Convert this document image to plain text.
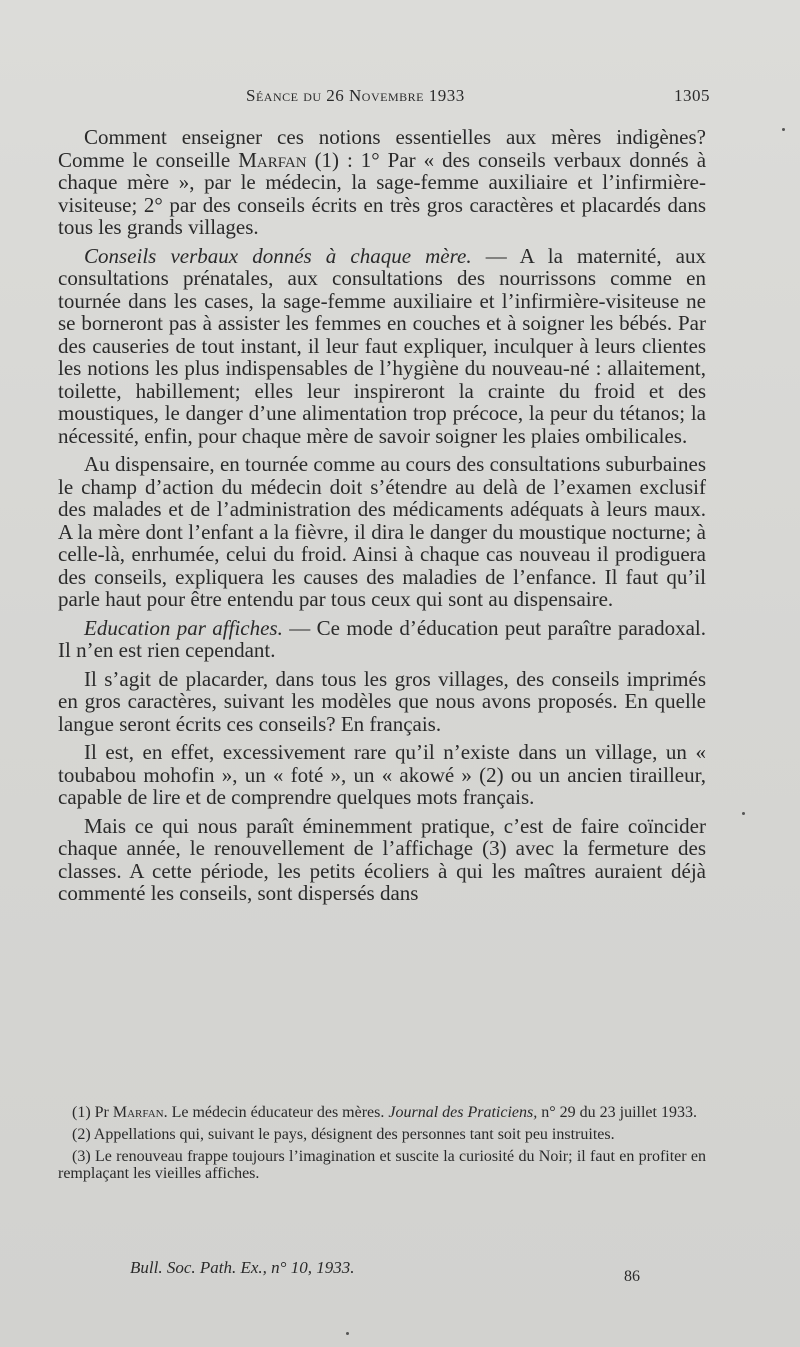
Séance du 26 Novembre 1933	1305

Comment enseigner ces notions essentielles aux mères indigènes? Comme le conseille Marfan (1) : 1° Par « des conseils verbaux donnés à chaque mère », par le médecin, la sage-femme auxiliaire et l’infirmière-visiteuse; 2° par des conseils écrits en très gros caractères et placardés dans tous les grands villages.

Conseils verbaux donnés à chaque mère. — A la maternité, aux consultations prénatales, aux consultations des nourrissons comme en tournée dans les cases, la sage-femme auxiliaire et l’infirmière-visiteuse ne se borneront pas à assister les femmes en couches et à soigner les bébés. Par des causeries de tout instant, il leur faut expliquer, inculquer à leurs clientes les notions les plus indispensables de l’hygiène du nouveau-né : allaitement, toilette, habillement; elles leur inspireront la crainte du froid et des moustiques, le danger d’une alimentation trop précoce, la peur du tétanos; la nécessité, enfin, pour chaque mère de savoir soigner les plaies ombilicales.

Au dispensaire, en tournée comme au cours des consultations suburbaines le champ d’action du médecin doit s’étendre au delà de l’examen exclusif des malades et de l’administration des médicaments adéquats à leurs maux. A la mère dont l’enfant a la fièvre, il dira le danger du moustique nocturne; à celle-là, enrhumée, celui du froid. Ainsi à chaque cas nouveau il prodiguera des conseils, expliquera les causes des maladies de l’enfance. Il faut qu’il parle haut pour être entendu par tous ceux qui sont au dispensaire.

Education par affiches. — Ce mode d’éducation peut paraître paradoxal. Il n’en est rien cependant.

Il s’agit de placarder, dans tous les gros villages, des conseils imprimés en gros caractères, suivant les modèles que nous avons proposés. En quelle langue seront écrits ces conseils? En français.

Il est, en effet, excessivement rare qu’il n’existe dans un village, un « toubabou mohofin », un « foté », un « akowé » (2) ou un ancien tirailleur, capable de lire et de comprendre quelques mots français.

Mais ce qui nous paraît éminemment pratique, c’est de faire coïncider chaque année, le renouvellement de l’affichage (3) avec la fermeture des classes. A cette période, les petits écoliers à qui les maîtres auraient déjà commenté les conseils, sont dispersés dans

(1) Pr Marfan. Le médecin éducateur des mères. Journal des Praticiens, n° 29 du 23 juillet 1933.

(2) Appellations qui, suivant le pays, désignent des personnes tant soit peu instruites.

(3) Le renouveau frappe toujours l’imagination et suscite la curiosité du Noir; il faut en profiter en remplaçant les vieilles affiches.

Bull. Soc. Path. Ex., n° 10, 1933.	86
